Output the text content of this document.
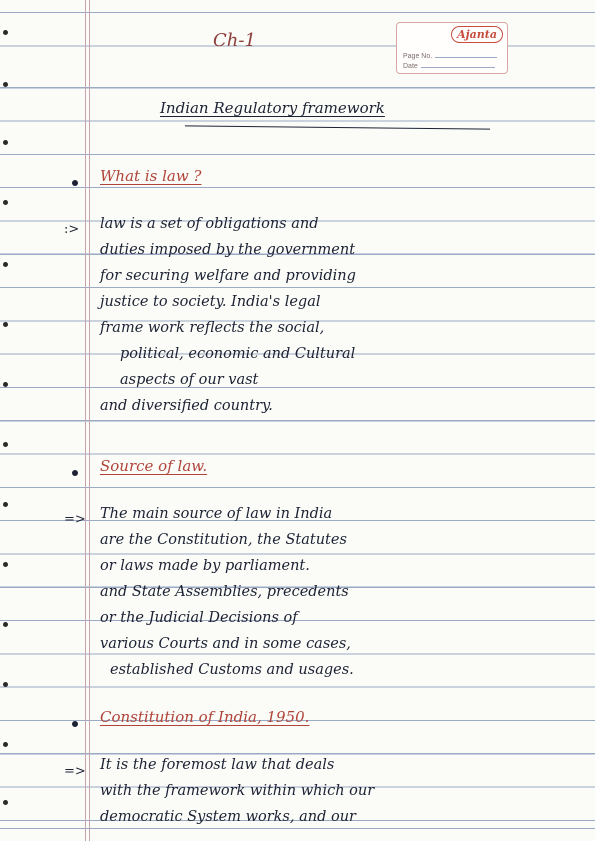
Ch-1	Ajanta
Page No.
Date
Indian Regulatory framework
What is law ?
:> law is a set of obligations and
duties imposed by the government
for securing welfare and providing
justice to society. India's legal
frame work reflects the social,
political, economic and Cultural
aspects of our vast
and diversified country.
Source of law.
=> The main source of law in India
are the Constitution, the Statutes
or laws made by parliament.
and State Assemblies, precedents
or the Judicial Decisions of
various Courts and in some cases,
established Customs and usages.
Constitution of India, 1950.
=> It is the foremost law that deals
with the framework within which our
democratic System works, and our
